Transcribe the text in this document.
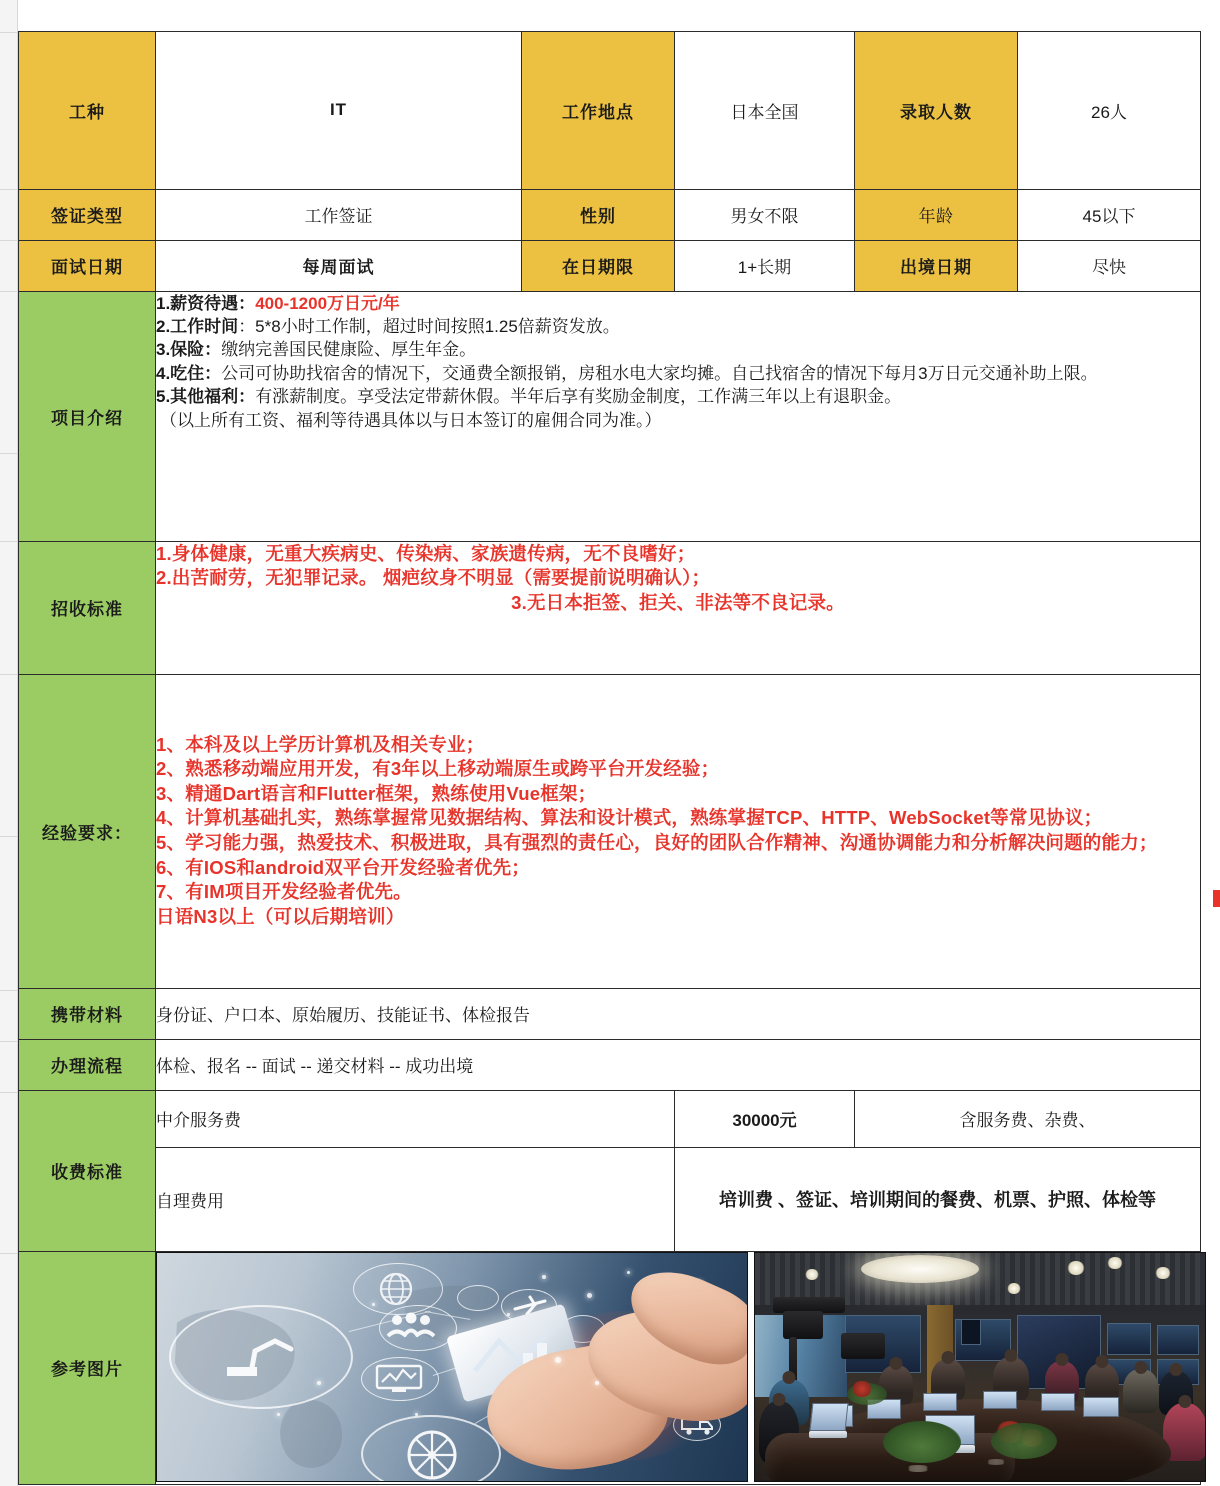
工种	IT	工作地点	日本全国	录取人数	26人
签证类型	工作签证	性别	男女不限	年龄	45以下
面试日期	每周面试	在日期限	1+长期	出境日期	尽快
项目介绍	
1.薪资待遇：400-1200万日元/年
2.工作时间：5*8小时工作制，超过时间按照1.25倍薪资发放。
3.保险：缴纳完善国民健康险、厚生年金。
4.吃住：公司可协助找宿舍的情况下，交通费全额报销，房租水电大家均摊。自己找宿舍的情况下每月3万日元交通补助上限。
5.其他福利：有涨薪制度。享受法定带薪休假。半年后享有奖励金制度，工作满三年以上有退职金。
（以上所有工资、福利等待遇具体以与日本签订的雇佣合同为准。）

招收标准	1.身体健康，无重大疾病史、传染病、家族遗传病，无不良嗜好；
2.出苦耐劳，无犯罪记录。 烟疤纹身不明显（需要提前说明确认）；
3.无日本拒签、拒关、非法等不良记录。				

经验要求：	
1、本科及以上学历计算机及相关专业；
2、熟悉移动端应用开发，有3年以上移动端原生或跨平台开发经验；
3、精通Dart语言和Flutter框架，熟练使用Vue框架；
4、计算机基础扎实，熟练掌握常见数据结构、算法和设计模式，熟练掌握TCP、HTTP、WebSocket等常见协议；
5、学习能力强，热爱技术、积极进取，具有强烈的责任心，良好的团队合作精神、沟通协调能力和分析解决问题的能力；
6、有IOS和android双平台开发经验者优先；
7、有IM项目开发经验者优先。
日语N3以上（可以后期培训）

携带材料	身份证、户口本、原始履历、技能证书、体检报告				
办理流程	体检、报名 -- 面试 -- 递交材料 -- 成功出境				
收费标准	中介服务费		30000元	含服务费、杂费、	
	自理费用		培训费 、签证、培训期间的餐费、机票、护照、体检等		
参考图片	
